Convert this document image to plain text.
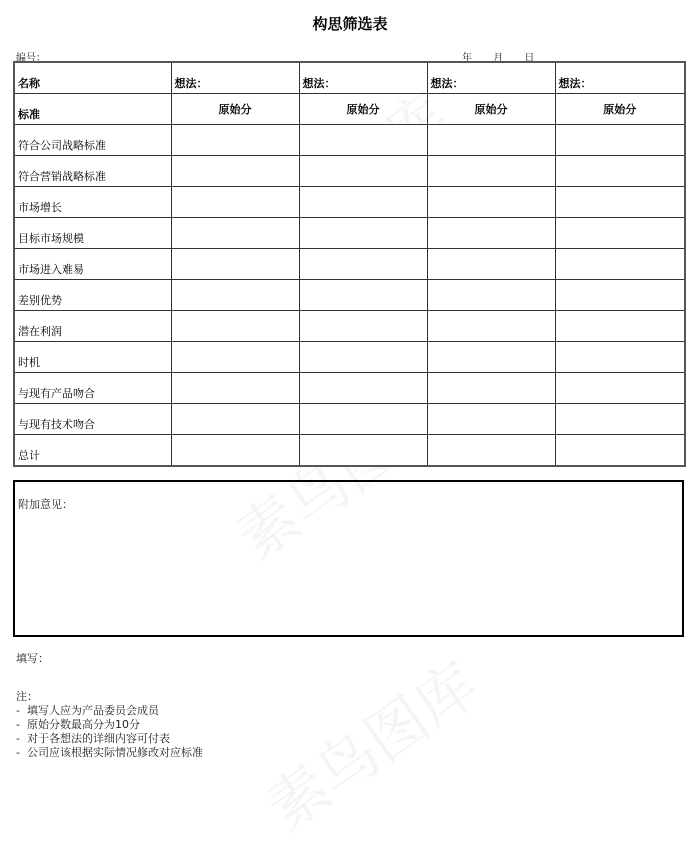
构思筛选表
编号：	年 月 日
名称	想法：	想法：	想法：	想法：
标准	原始分	原始分	原始分	原始分
符合公司战略标准				
符合营销战略标准				
市场增长				
目标市场规模				
市场进入难易				
差别优势				
潜在利润				
时机				
与现有产品吻合				
与现有技术吻合				
总计				
附加意见：
填写：
注：
- 填写人应为产品委员会成员
- 原始分数最高分为10分
- 对于各想法的详细内容可付表
- 公司应该根据实际情况修改对应标准
